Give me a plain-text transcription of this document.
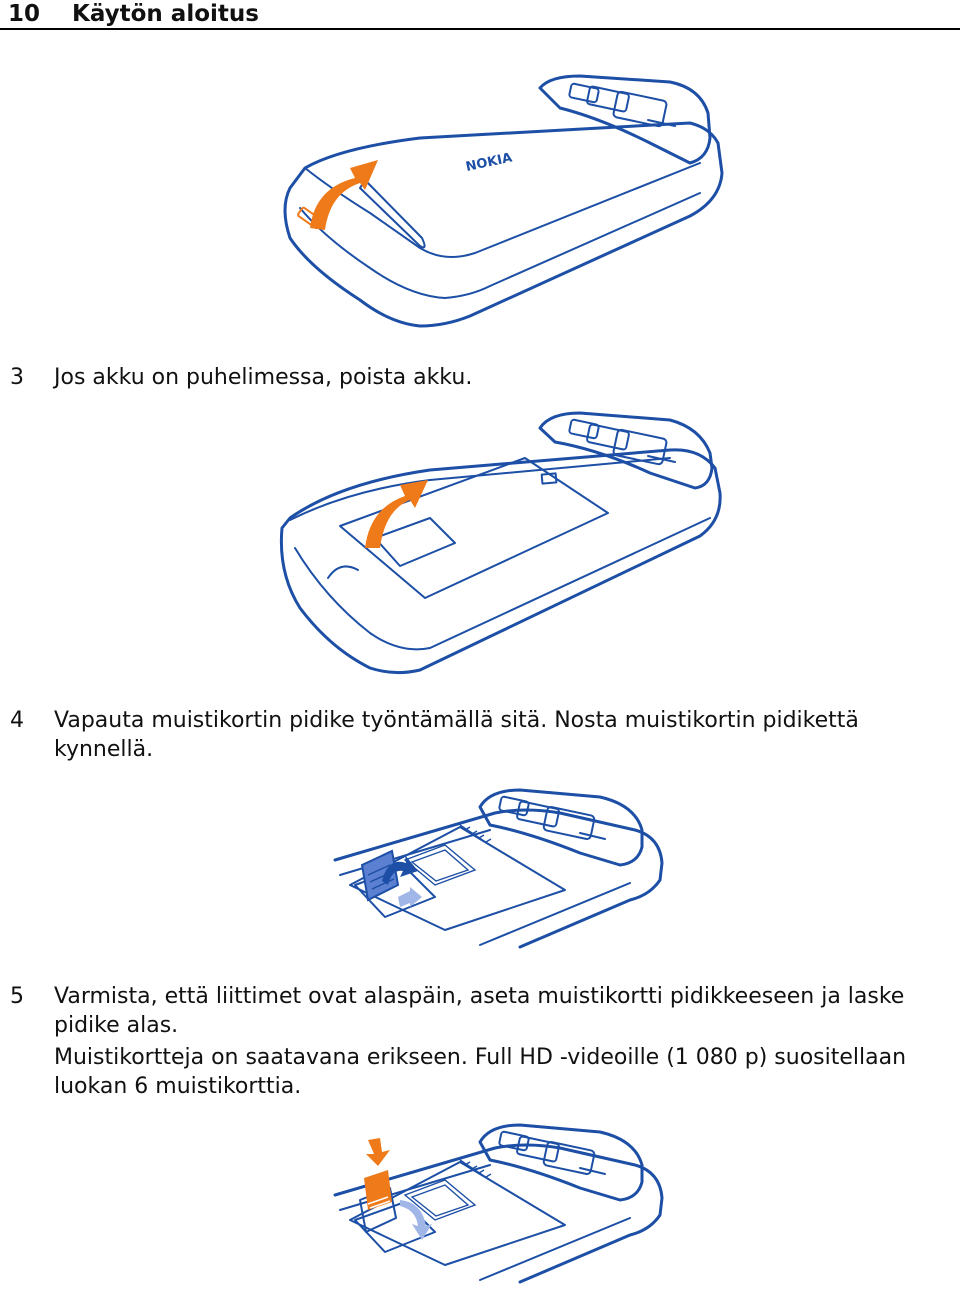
10 Käytön aloitus
NOKIA
3 Jos akku on puhelimessa, poista akku.
4 Vapauta muistikortin pidike työntämällä sitä. Nosta muistikortin pidikettä kynnellä.
5 Varmista, että liittimet ovat alaspäin, aseta muistikortti pidikkeeseen ja laske pidike alas.
Muistikortteja on saatavana erikseen. Full HD -videoille (1 080 p) suositellaan luokan 6 muistikorttia.
